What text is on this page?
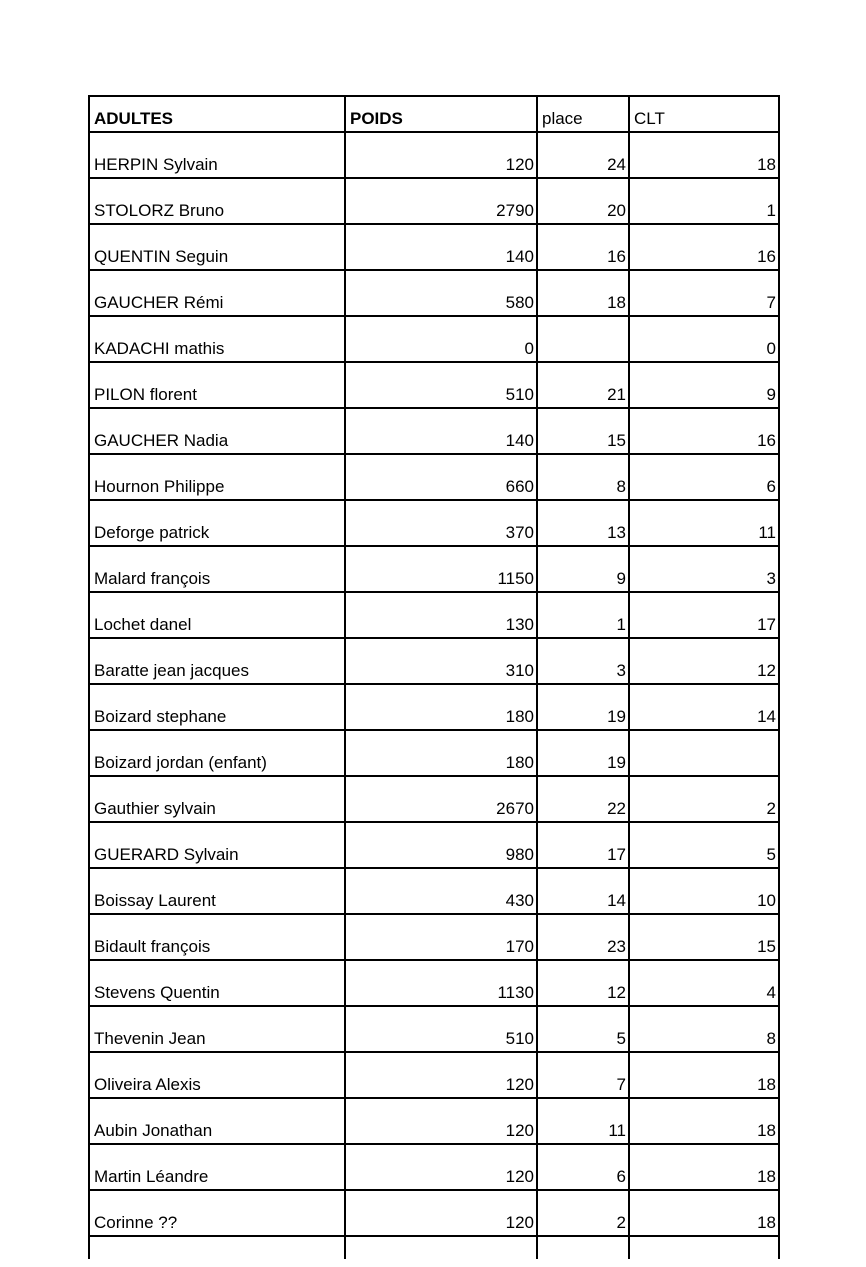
ADULTES	POIDS	place	CLT
HERPIN Sylvain	120	24	18
STOLORZ Bruno	2790	20	1
QUENTIN Seguin	140	16	16
GAUCHER Rémi	580	18	7
KADACHI mathis	0		0
PILON florent	510	21	9
GAUCHER Nadia	140	15	16
Hournon Philippe	660	8	6
Deforge patrick	370	13	11
Malard françois	1150	9	3
Lochet danel	130	1	17
Baratte jean jacques	310	3	12
Boizard stephane	180	19	14
Boizard jordan (enfant)	180	19	
Gauthier sylvain	2670	22	2
GUERARD Sylvain	980	17	5
Boissay Laurent	430	14	10
Bidault françois	170	23	15
Stevens Quentin	1130	12	4
Thevenin Jean	510	5	8
Oliveira Alexis	120	7	18
Aubin Jonathan	120	11	18
Martin Léandre	120	6	18
Corinne ??	120	2	18
